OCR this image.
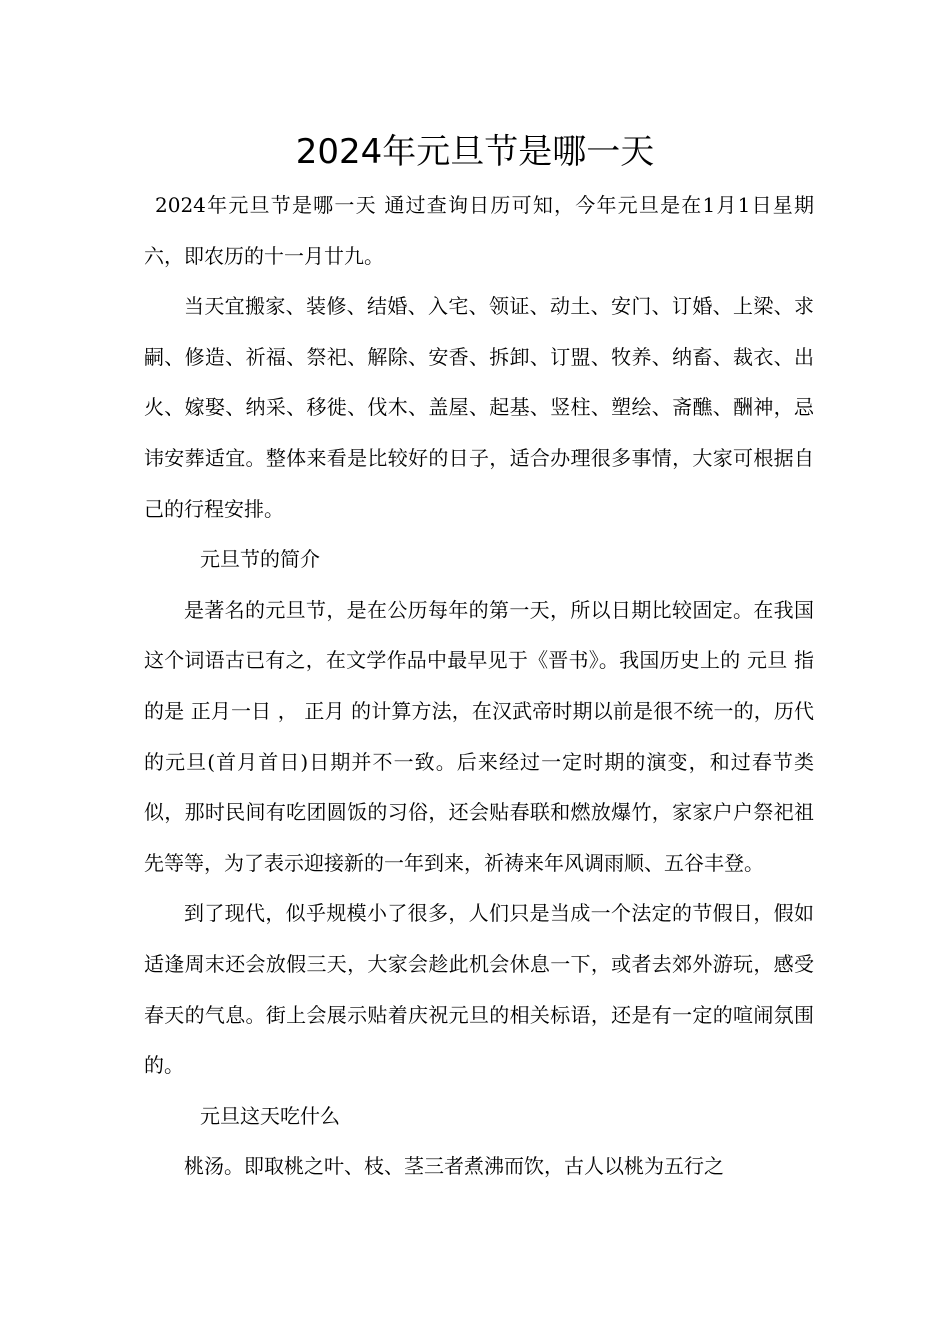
2024年元旦节是哪一天

2024年元旦节是哪一天 通过查询日历可知，今年元旦是在1月1日星期六，即农历的十一月廿九。

当天宜搬家、装修、结婚、入宅、领证、动土、安门、订婚、上梁、求嗣、修造、祈福、祭祀、解除、安香、拆卸、订盟、牧养、纳畜、裁衣、出火、嫁娶、纳采、移徙、伐木、盖屋、起基、竖柱、塑绘、斋醮、酬神，忌讳安葬适宜。整体来看是比较好的日子，适合办理很多事情，大家可根据自己的行程安排。

元旦节的简介

是著名的元旦节，是在公历每年的第一天，所以日期比较固定。在我国这个词语古已有之，在文学作品中最早见于《晋书》。我国历史上的 元旦 指的是 正月一日 ， 正月 的计算方法，在汉武帝时期以前是很不统一的，历代的元旦(首月首日)日期并不一致。后来经过一定时期的演变，和过春节类似，那时民间有吃团圆饭的习俗，还会贴春联和燃放爆竹，家家户户祭祀祖先等等，为了表示迎接新的一年到来，祈祷来年风调雨顺、五谷丰登。

到了现代，似乎规模小了很多，人们只是当成一个法定的节假日，假如适逢周末还会放假三天，大家会趁此机会休息一下，或者去郊外游玩，感受春天的气息。街上会展示贴着庆祝元旦的相关标语，还是有一定的喧闹氛围的。

元旦这天吃什么

桃汤。即取桃之叶、枝、茎三者煮沸而饮，古人以桃为五行之
